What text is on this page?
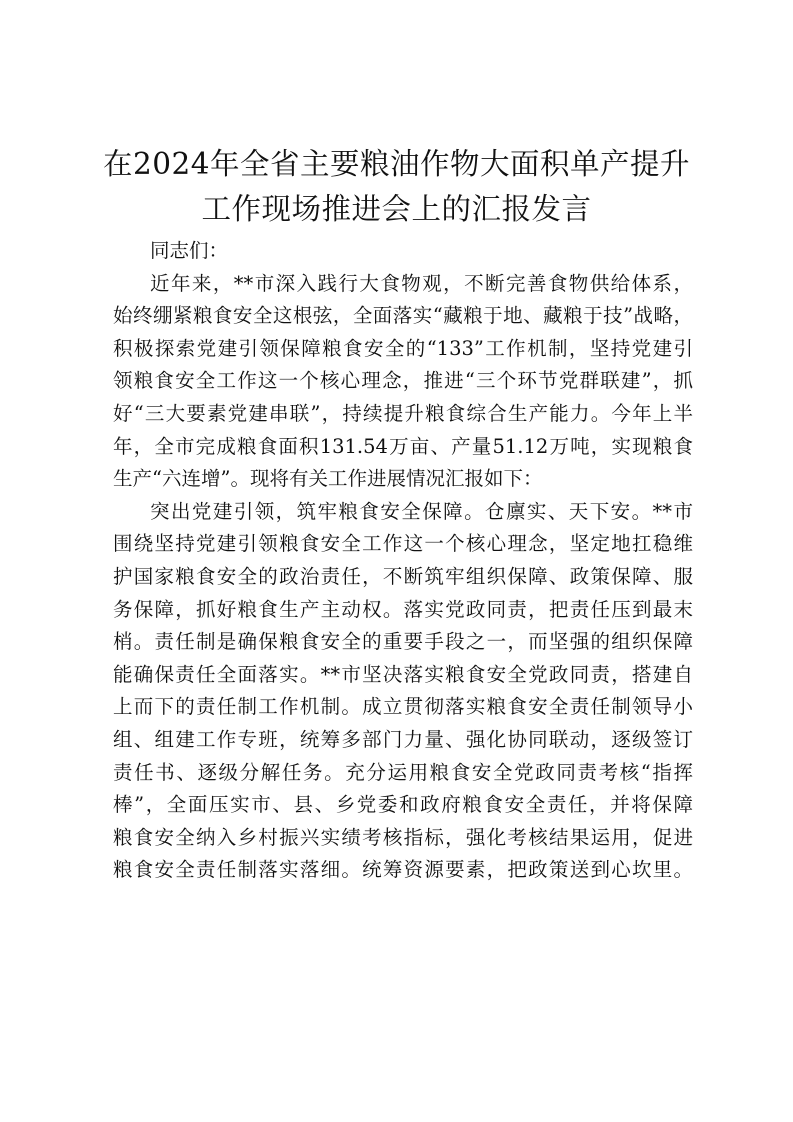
在2024年全省主要粮油作物大面积单产提升
工作现场推进会上的汇报发言
同志们：
近年来，**市深入践行大食物观，不断完善食物供给体系，
始终绷紧粮食安全这根弦，全面落实“藏粮于地、藏粮于技”战略，
积极探索党建引领保障粮食安全的“133”工作机制，坚持党建引
领粮食安全工作这一个核心理念，推进“三个环节党群联建”，抓
好“三大要素党建串联”，持续提升粮食综合生产能力。今年上半
年，全市完成粮食面积131.54万亩、产量51.12万吨，实现粮食
生产“六连增”。现将有关工作进展情况汇报如下：
突出党建引领，筑牢粮食安全保障。仓廪实、天下安。**市
围绕坚持党建引领粮食安全工作这一个核心理念，坚定地扛稳维
护国家粮食安全的政治责任，不断筑牢组织保障、政策保障、服
务保障，抓好粮食生产主动权。落实党政同责，把责任压到最末
梢。责任制是确保粮食安全的重要手段之一，而坚强的组织保障
能确保责任全面落实。**市坚决落实粮食安全党政同责，搭建自
上而下的责任制工作机制。成立贯彻落实粮食安全责任制领导小
组、组建工作专班，统筹多部门力量、强化协同联动，逐级签订
责任书、逐级分解任务。充分运用粮食安全党政同责考核“指挥
棒”，全面压实市、县、乡党委和政府粮食安全责任，并将保障
粮食安全纳入乡村振兴实绩考核指标，强化考核结果运用，促进
粮食安全责任制落实落细。统筹资源要素，把政策送到心坎里。
